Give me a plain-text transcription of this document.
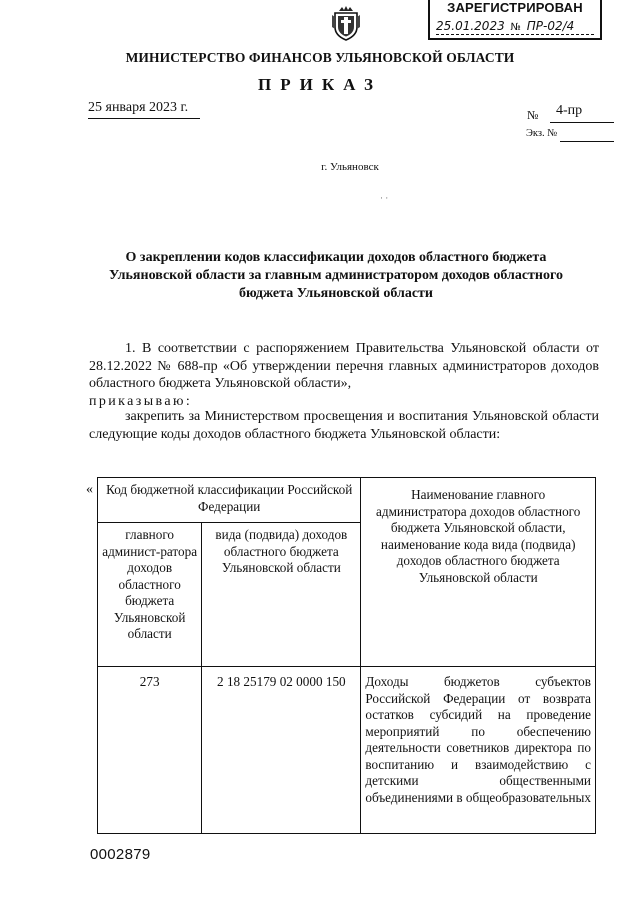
ЗАРЕГИСТРИРОВАН
25.01.2023 № ПР-02/4
МИНИСТЕРСТВО ФИНАНСОВ УЛЬЯНОВСКОЙ ОБЛАСТИ
ПРИКАЗ
25 января 2023 г.	№ 4-пр
Экз. №
г. Ульяновск
· ·
О закреплении кодов классификации доходов областного бюджета Ульяновской области за главным администратором доходов областного бюджета Ульяновской области
1. В соответствии с распоряжением Правительства Ульяновской области от 28.12.2022 № 688-пр «Об утверждении перечня главных администраторов доходов областного бюджета Ульяновской области»,
приказываю:
закрепить за Министерством просвещения и воспитания Ульяновской области следующие коды доходов областного бюджета Ульяновской области:
« Код бюджетной классификации Российской Федерации		Наименование главного администратора доходов областного бюджета Ульяновской области, наименование кода вида (подвида) доходов областного бюджета Ульяновской области
главного админист-ратора доходов областного бюджета Ульяновской области	вида (подвида) доходов областного бюджета Ульяновской области	
273	2 18 25179 02 0000 150	Доходы бюджетов субъектов Российской Федерации от возврата остатков субсидий на проведение мероприятий по обеспечению деятельности советников директора по воспитанию и взаимодействию с детскими общественными объединениями в общеобразовательных
0002879
